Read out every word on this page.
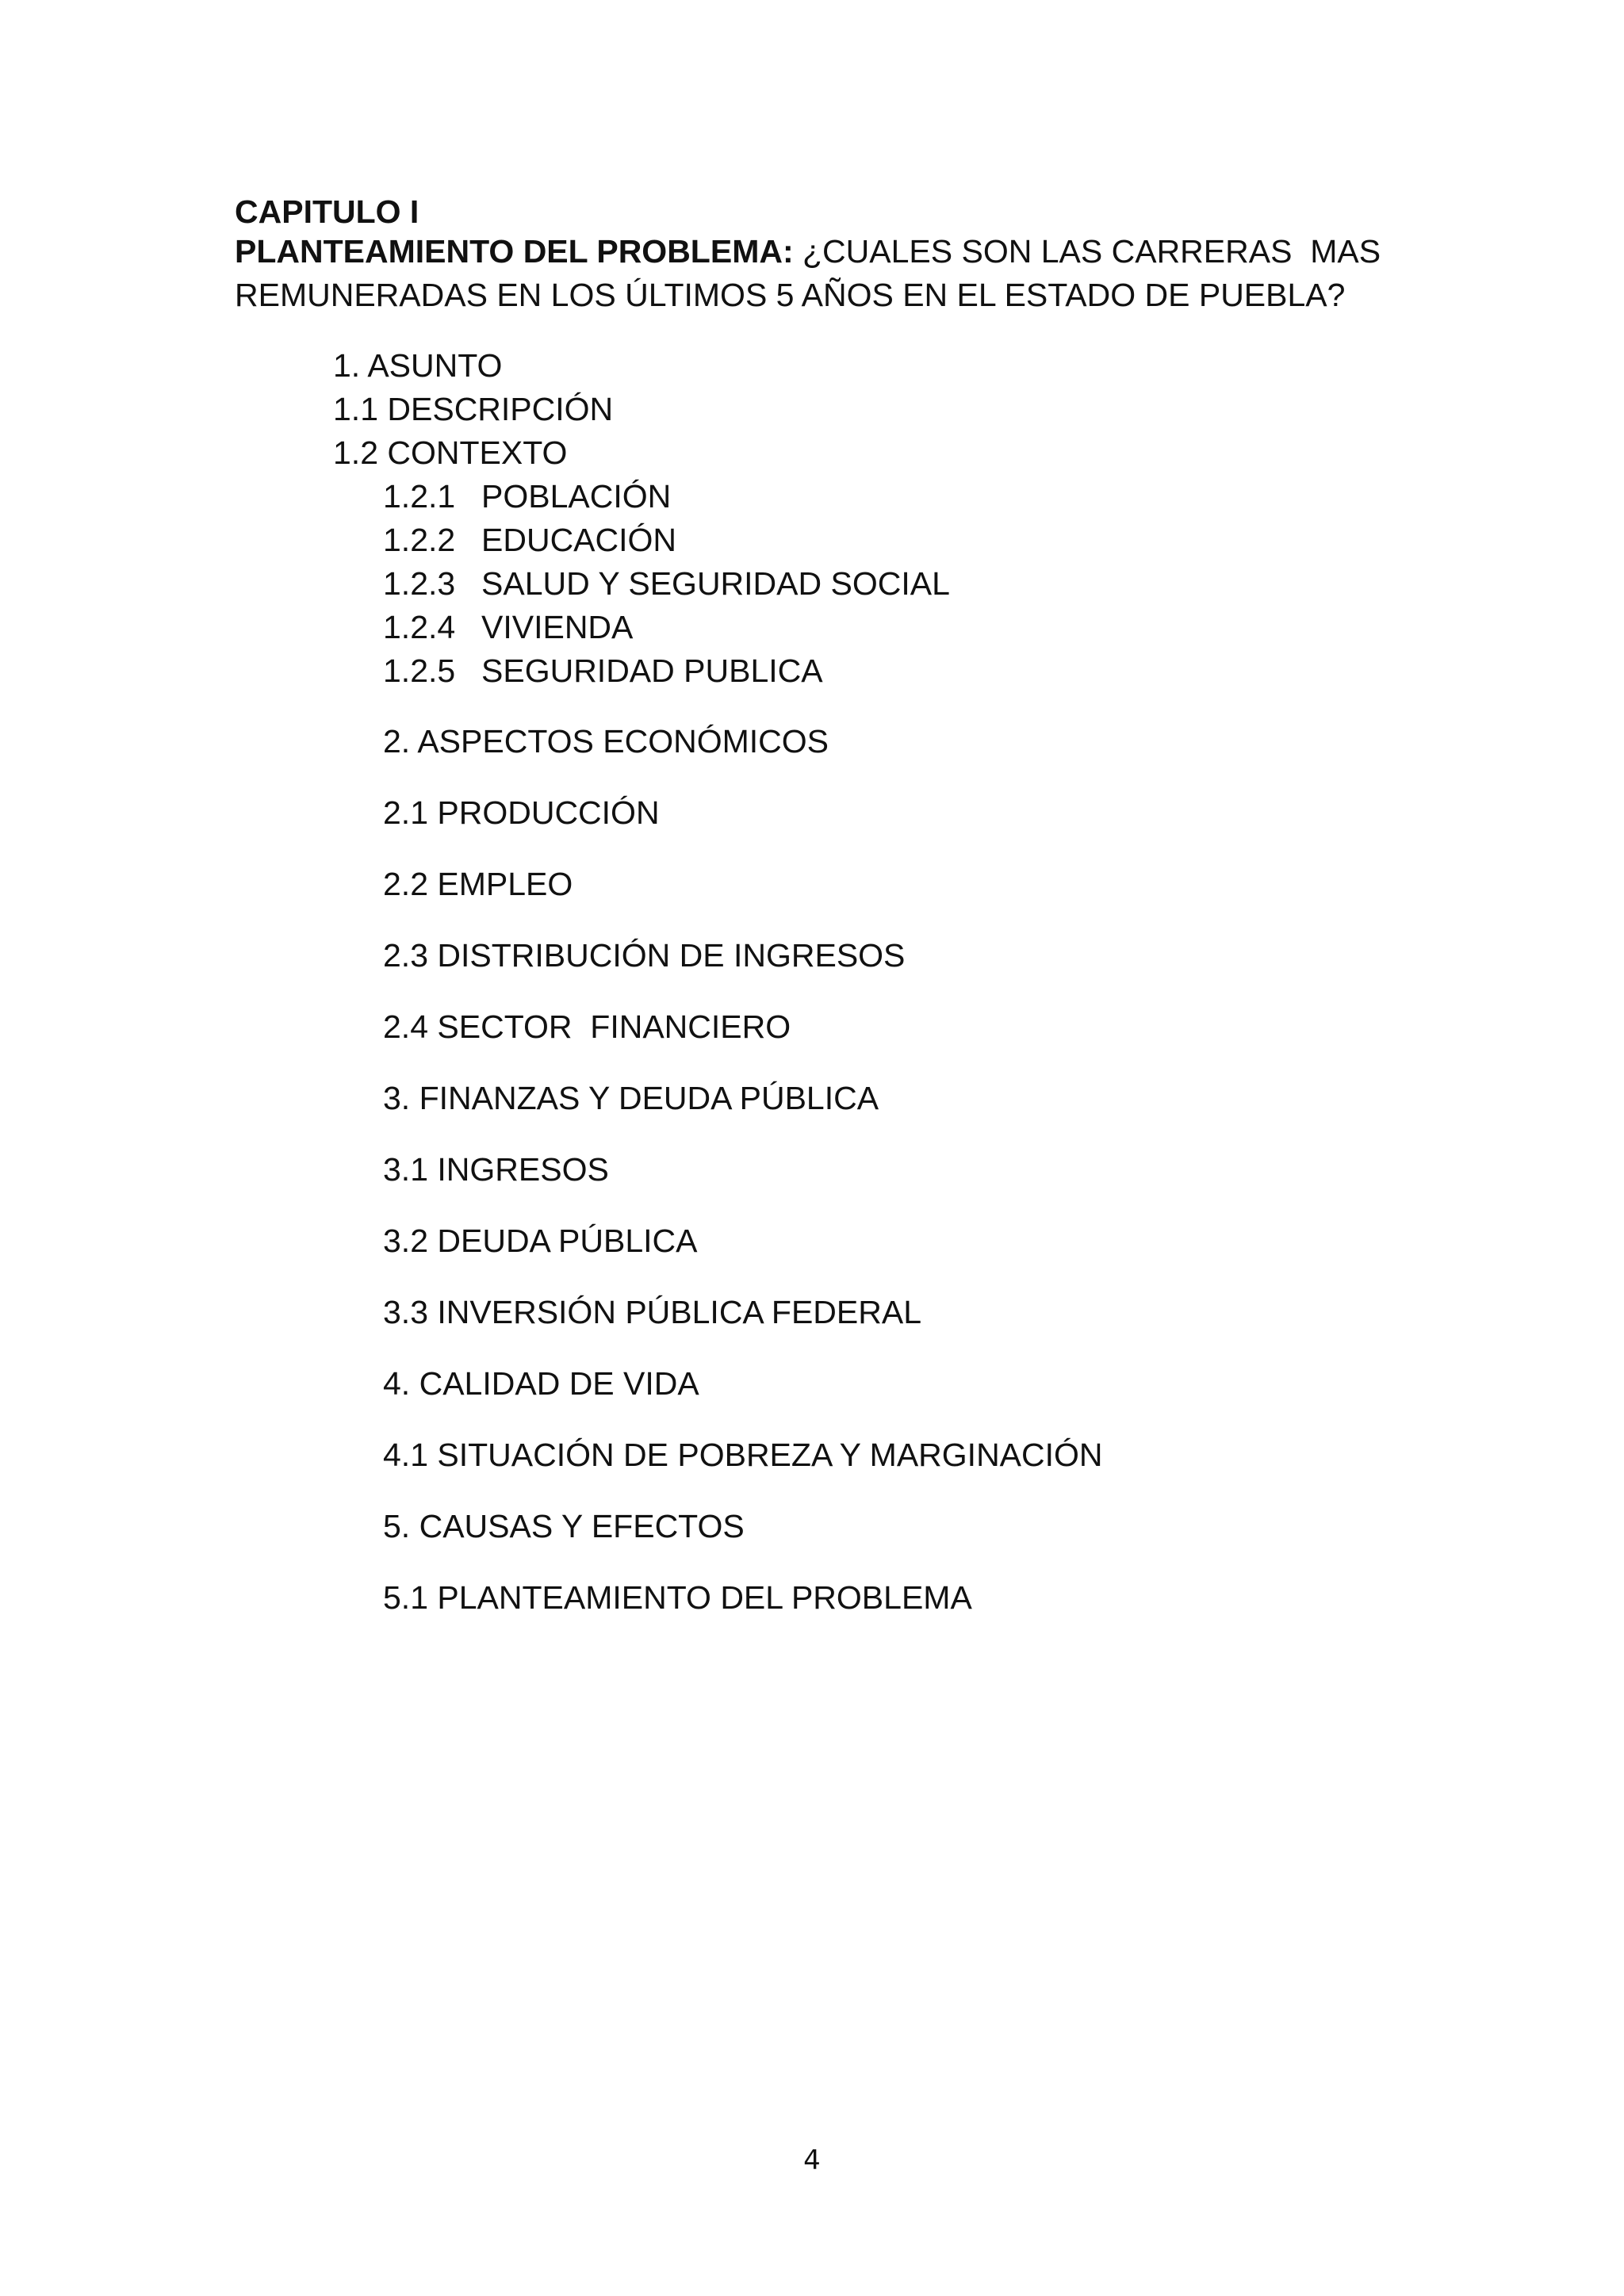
CAPITULO I
PLANTEAMIENTO DEL PROBLEMA: ¿CUALES SON LAS CARRERAS  MAS
REMUNERADAS EN LOS ÚLTIMOS 5 AÑOS EN EL ESTADO DE PUEBLA?
1. ASUNTO
1.1 DESCRIPCIÓN
1.2 CONTEXTO
1.2.1 POBLACIÓN
1.2.2 EDUCACIÓN
1.2.3 SALUD Y SEGURIDAD SOCIAL
1.2.4 VIVIENDA
1.2.5 SEGURIDAD PUBLICA
2. ASPECTOS ECONÓMICOS
2.1 PRODUCCIÓN
2.2 EMPLEO
2.3 DISTRIBUCIÓN DE INGRESOS
2.4 SECTOR  FINANCIERO
3. FINANZAS Y DEUDA PÚBLICA
3.1 INGRESOS
3.2 DEUDA PÚBLICA
3.3 INVERSIÓN PÚBLICA FEDERAL
4. CALIDAD DE VIDA
4.1 SITUACIÓN DE POBREZA Y MARGINACIÓN
5. CAUSAS Y EFECTOS
5.1 PLANTEAMIENTO DEL PROBLEMA
4
